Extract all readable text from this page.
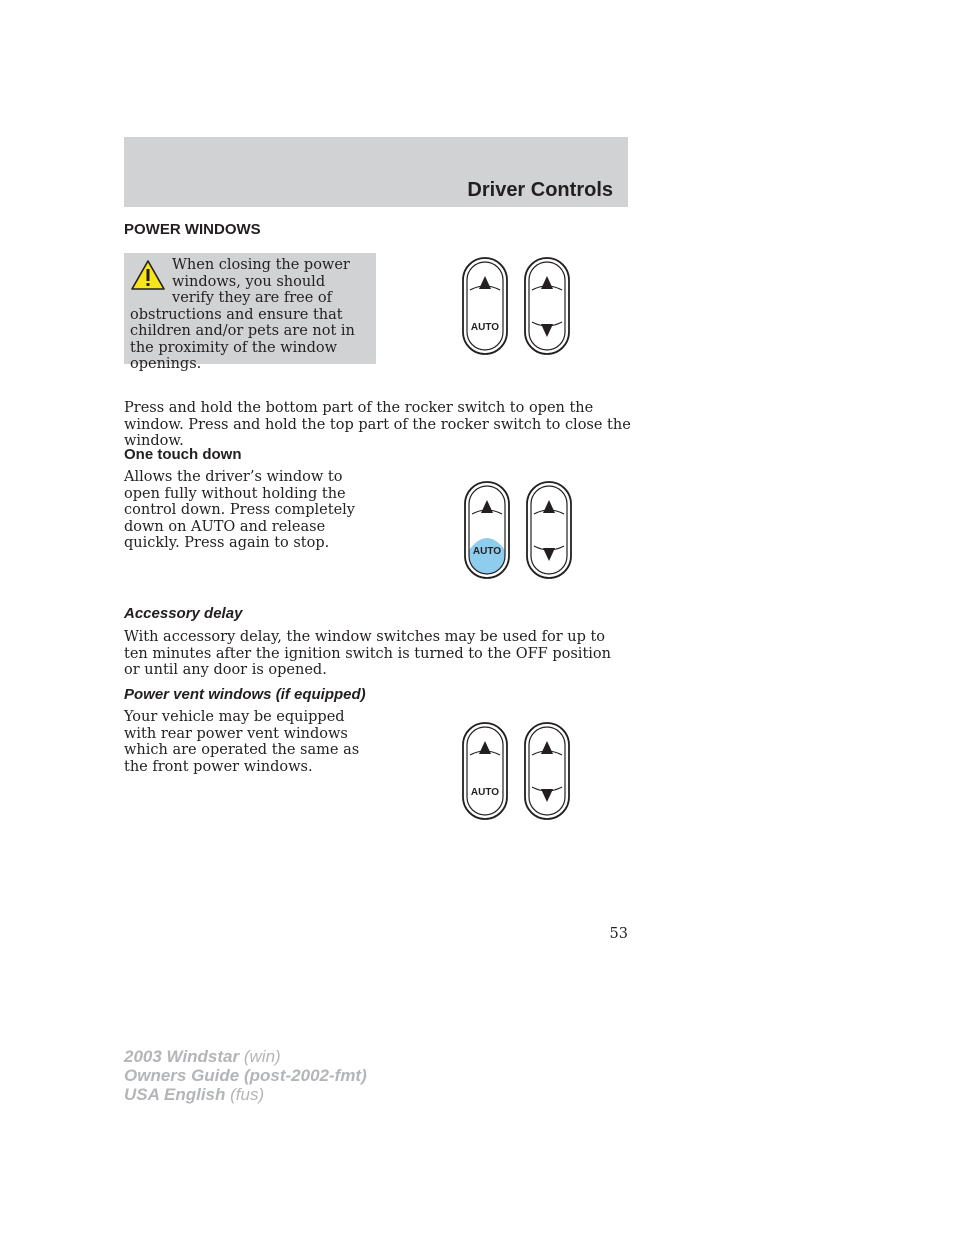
Driver Controls
POWER WINDOWS
When closing the power windows, you should verify they are free of obstructions and ensure that children and/or pets are not in the proximity of the window openings.
AUTO
Press and hold the bottom part of the rocker switch to open the window. Press and hold the top part of the rocker switch to close the window.
One touch down
Allows the driver’s window to open fully without holding the control down. Press completely down on AUTO and release quickly. Press again to stop.
AUTO
Accessory delay
With accessory delay, the window switches may be used for up to ten minutes after the ignition switch is turned to the OFF position or until any door is opened.
Power vent windows (if equipped)
Your vehicle may be equipped with rear power vent windows which are operated the same as the front power windows.
AUTO
53
2003 Windstar (win)
Owners Guide (post-2002-fmt)
USA English (fus)
